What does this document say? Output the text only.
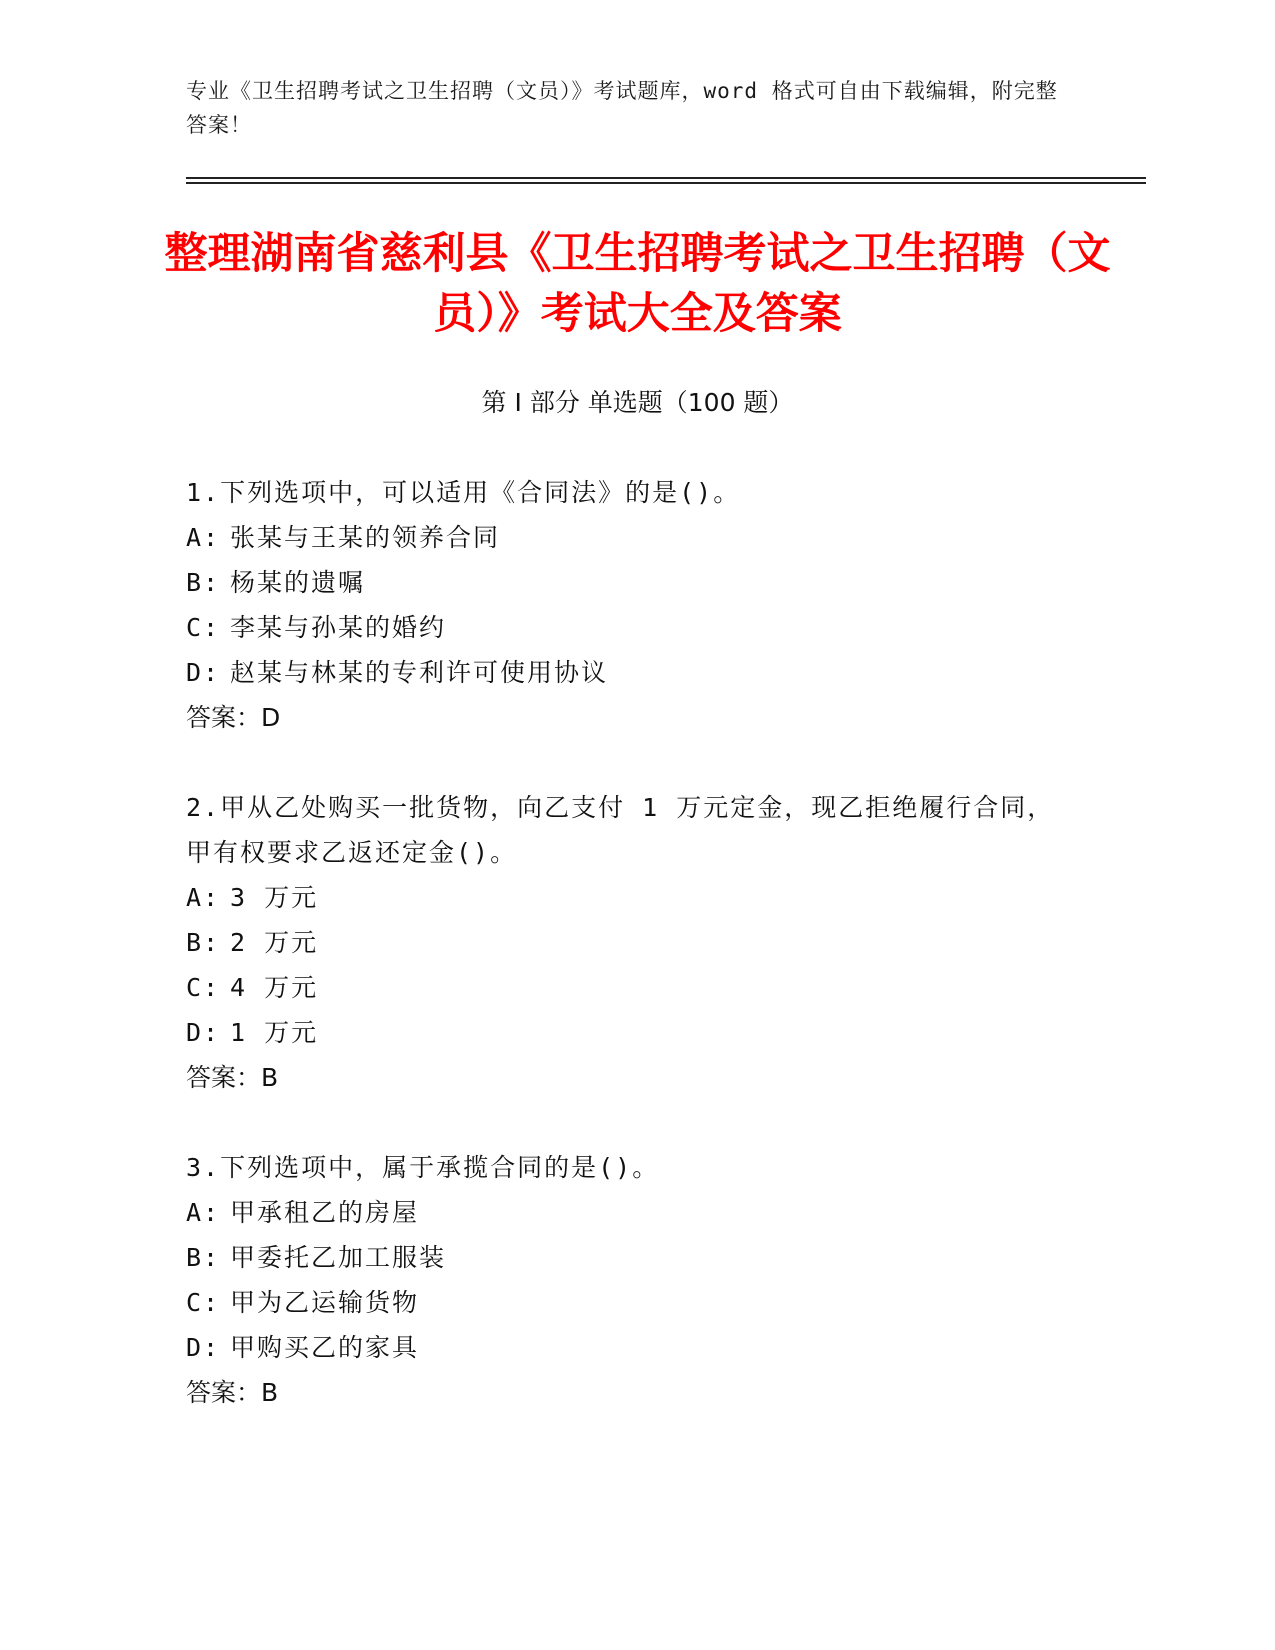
专业《卫生招聘考试之卫生招聘（文员）》考试题库，word 格式可自由下载编辑，附完整答案！
整理湖南省慈利县《卫生招聘考试之卫生招聘（文员）》考试大全及答案
第 I 部分 单选题（100 题）
1.下列选项中，可以适用《合同法》的是()。
A: 张某与王某的领养合同
B: 杨某的遗嘱
C: 李某与孙某的婚约
D: 赵某与林某的专利许可使用协议
答案：D
2.甲从乙处购买一批货物，向乙支付 1 万元定金，现乙拒绝履行合同，甲有权要求乙返还定金()。
A: 3 万元
B: 2 万元
C: 4 万元
D: 1 万元
答案：B
3.下列选项中，属于承揽合同的是()。
A: 甲承租乙的房屋
B: 甲委托乙加工服装
C: 甲为乙运输货物
D: 甲购买乙的家具
答案：B
